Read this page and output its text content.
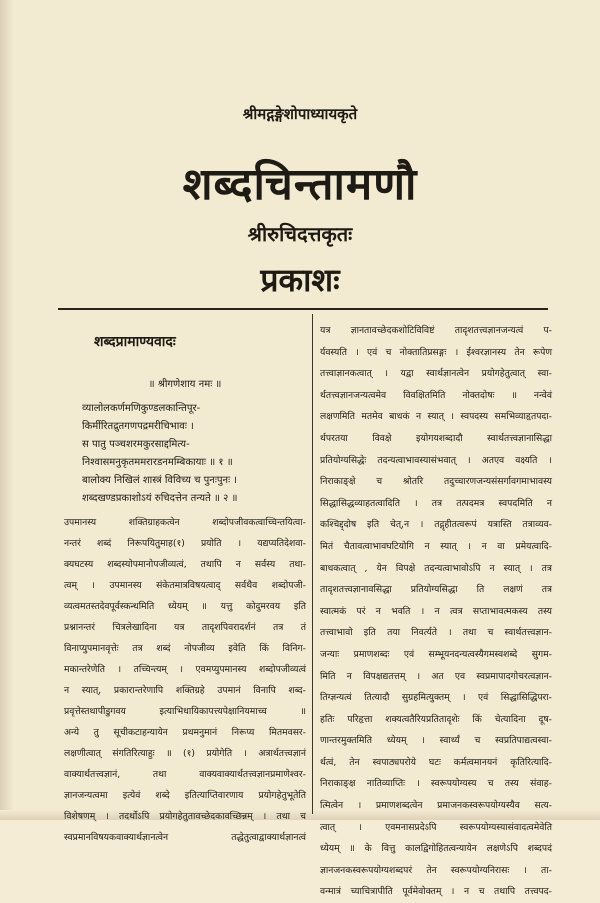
श्रीमद्गङ्गेशोपाध्यायकृते
शब्दचिन्तामणौ
श्रीरुचिदत्तकृतः
प्रकाशः
शब्दप्रामाण्यवादः
॥ श्रीगणेशाय नमः ॥
व्यालोलकर्णमणिकुण्डलकान्तिपूर-
किर्मीरितद्रुतगणपद्रमरीचिभावः ।
स पातु पञ्चशरमकुरसाद्दमित्य-
निश्वासमनुकृतममरारडनमम्बिकायाः ॥ १ ॥
बालोक्य निखिलं शास्त्रं विविच्य च पुनःपुनः ।
शब्दखण्डप्रकाशोऽयं रुचिदत्तेन तन्यते ॥ २ ॥
उपमानस्य शक्तिग्राहकत्वेन शब्दोपजीवकत्वाच्चिन्तयित्वा-
नन्तरं शब्दं निरूपयितुमाह(१) प्रयोति । यद्यप्यतिदेशवा-
क्यघटस्य शब्दस्योपमानोपजीव्यत्वं, तथापि न सर्वस्य तथा-
त्वम् । उपमानस्य संकेतमात्रविषयत्वाद् सर्वथैव शब्दोपजी-
व्यत्वमतस्तदेवपूर्वस्कन्धमिति ध्येयम् ॥ यत्तु कोदुमरवय इति
प्रश्नानन्तरं चित्रलेखादिना यत्र तादृशपिवरादर्शनं तत्र तं
विनाप्युपमानवृत्तेः तत्र शब्दं नोपजीव्य इवेति किं विनिग-
मकान्तरेणेति । तच्चिन्त्यम् । एवमप्युपमानस्य शब्दोपजीव्यत्वं
न स्यात्, प्रकारान्तरेणापि शक्तिग्रहे उपमानं विनापि शब्द-
प्रवृत्तेस्तथापीडुगवय इत्याभिधायिकापत्त्यपेक्षानियमाच्च ॥
अन्ये तु सूचीकटाहन्यायेन प्रथमनुमानं निरूप्य मितमवसर-
लक्षणीत्वात् संगतिरित्याहुः ॥ (१) प्रयोगेति । अत्रार्थतत्त्वज्ञानं
वाक्यार्थतत्त्वज्ञानं, तथा वाक्यवाक्यार्थतत्त्वज्ञानप्रमाणेश्वर-
ज्ञानजन्यत्वमा इत्येवं शब्दे इतित्याप्तिवारणाय प्रयोगहेतुभूतेति
विशेषणम् । तदर्थोऽपि प्रयोगहेतुतावच्छेदकावच्छिन्नम् । तथा च
स्वप्रमानविषयकवाक्यार्थज्ञानत्वेन तद्धेतुत्वाद्वाक्यार्थज्ञानत्वं
यत्र ज्ञानतावच्छेदकशोटिविविष्टं तादृशतत्त्वज्ञानजन्यत्वं प-
र्यवस्यति । एवं च नोक्तातिप्रसङ्गः । ईश्वरज्ञानस्य तेन रूपेण
तत्त्वाज्ञानकत्वात् । यद्वा स्वार्थज्ञानत्वेन प्रयोगहेतुत्वात् स्वा-
र्थतत्त्वज्ञानजन्यत्वमेव विवक्षितमिति नोक्तदोषः ॥ नन्वेवं
लक्षणमिति मतमेव बाधकं न स्यात् । स्वपदस्य समभिव्याहृतपदा-
र्थपरतया विवक्षे इयोगयशब्दादौ स्वार्थतत्त्वज्ञानासिद्धा
प्रतियोग्यसिद्धेः तदन्यत्वाभावस्यासंभवात् । अतएव वक्ष्यति ।
निराकाङ्क्षे च श्रोतरि तदुच्चारणजन्यसंसर्गावगमाभावस्य
सिद्धासिद्धव्याहतत्वादिति । तत्र तत्पदमत्र स्वपदमिति न
कश्चिद्द्दोष इति चेत्,न । तद्गृहीतत्वरूपं यत्रास्ति तत्राव्यव-
मितं चैतावत्वाभावघटियोगि न स्यात् । न वा प्रमेयत्वादि-
बाधकत्वात् , येन विपक्षे तदन्यत्वाभावोऽपि न स्यात् । तत्र
तादृशतत्त्वज्ञानावसिद्धा प्रतियोग्यसिद्धा ति लक्षणं तत्र
स्वात्मकं परं न भवति । न त्वत्र सप्ताभावत्मकस्य तस्य
तत्त्वाभावो इति तया निवर्त्यते । तथा च स्वार्थतत्त्वज्ञान-
जन्याः प्रमाणशब्दः एवं सम्भूयनदन्यत्वस्यैगमस्वशब्दे सुगम-
मिति न विपक्षद्यतत्तम् । अत एव स्वप्रमापादगोचरत्वज्ञान-
तिग्ज्ञन्यत्वं तित्यादौ सुग्रहमित्युक्तम् । एवं सिद्धासिद्धिपरा-
हतिः परिहृत्ता शक्यत्वतैरियप्रतितादृशेः किं चेत्यादिना दूष-
णान्तरमुक्तमिति ध्येयम् । स्वार्थ्यं च स्वप्रतिपाद्यत्वस्वा-
र्थत्वं, तेन स्वपाठ्यपरोये घटः कर्मत्वमानयनं कृतिरित्यादि-
निराकाङ्क्ष नातिव्याप्तिः । स्वरूपयोग्यस्य च तस्य संवाह-
त्मित्वेन । प्रमाणशब्दत्वेन प्रमाजनकस्वरूपयोग्यस्यैव सत्य-
त्वात् । एवमनासप्रदेऽपि स्वरूपयोग्यस्यासंवादत्वमेवेति
ध्येयम् ॥ के वित्तु कालद्विगोहितत्वन्यायेन लक्षणेऽपि शब्दपदं
ज्ञानजनकस्वरूपयोग्यशब्दपरं तेन स्वरूपयोग्यनिरासः । ता-
वन्मात्रं च्याचित्रापीति पूर्वमेवोक्तम् । न च तथापि तत्त्वपद-
